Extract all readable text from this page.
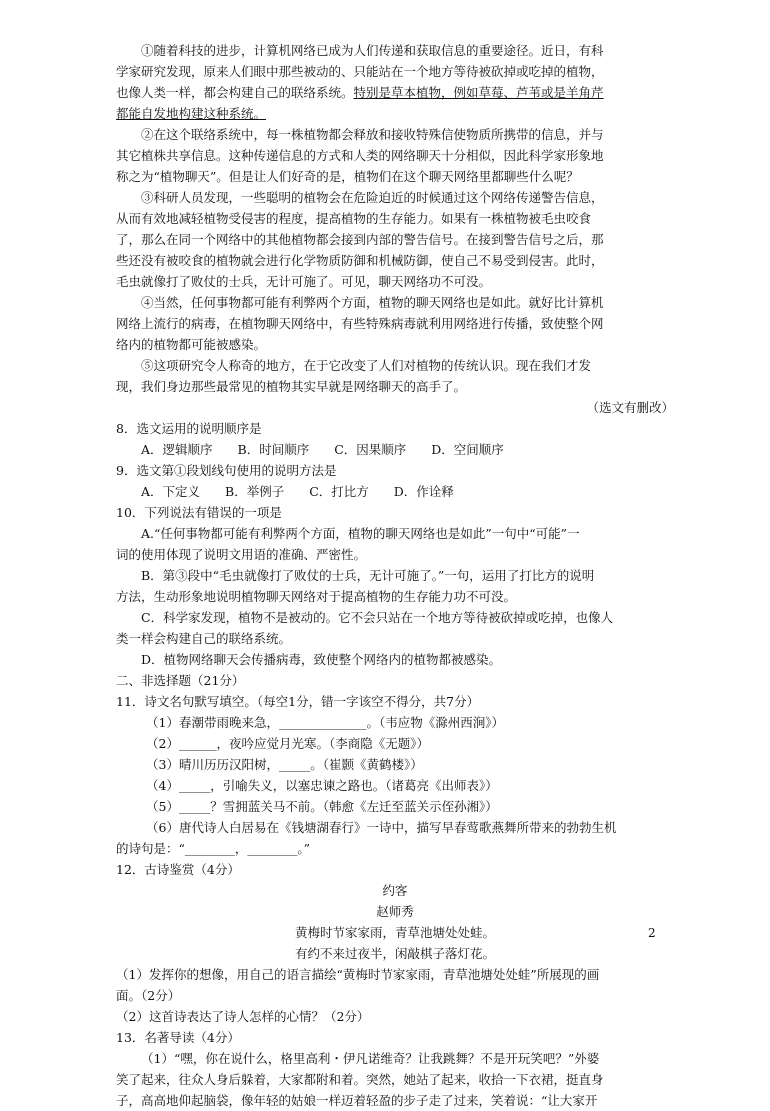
①随着科技的进步，计算机网络已成为人们传递和获取信息的重要途径。近日，有科

学家研究发现，原来人们眼中那些被动的、只能站在一个地方等待被砍掉或吃掉的植物，

也像人类一样，都会构建自己的联络系统。特别是草本植物，例如草莓、芦苇或是羊角芹

都能自发地构建这种系统。

②在这个联络系统中，每一株植物都会释放和接收特殊信使物质所携带的信息，并与

其它植株共享信息。这种传递信息的方式和人类的网络聊天十分相似，因此科学家形象地

称之为“植物聊天”。但是让人们好奇的是，植物们在这个聊天网络里都聊些什么呢？

③科研人员发现，一些聪明的植物会在危险迫近的时候通过这个网络传递警告信息，

从而有效地减轻植物受侵害的程度，提高植物的生存能力。如果有一株植物被毛虫咬食

了，那么在同一个网络中的其他植物都会接到内部的警告信号。在接到警告信号之后，那

些还没有被咬食的植物就会进行化学物质防御和机械防御，使自己不易受到侵害。此时，

毛虫就像打了败仗的士兵，无计可施了。可见，聊天网络功不可没。

④当然，任何事物都可能有利弊两个方面，植物的聊天网络也是如此。就好比计算机

网络上流行的病毒，在植物聊天网络中，有些特殊病毒就利用网络进行传播，致使整个网

络内的植物都可能被感染。

⑤这项研究令人称奇的地方，在于它改变了人们对植物的传统认识。现在我们才发

现，我们身边那些最常见的植物其实早就是网络聊天的高手了。

（选文有删改）

8．选文运用的说明顺序是

A．逻辑顺序　　B．时间顺序　　C．因果顺序　　D．空间顺序

9．选文第①段划线句使用的说明方法是

A．下定义　　B．举例子　　C．打比方　　D．作诠释

10．下列说法有错误的一项是

A.“任何事物都可能有利弊两个方面，植物的聊天网络也是如此”一句中“可能”一

词的使用体现了说明文用语的准确、严密性。

B．第③段中“毛虫就像打了败仗的士兵，无计可施了。”一句，运用了打比方的说明

方法，生动形象地说明植物聊天网络对于提高植物的生存能力功不可没。

C．科学家发现，植物不是被动的。它不会只站在一个地方等待被砍掉或吃掉，也像人

类一样会构建自己的联络系统。

D．植物网络聊天会传播病毒，致使整个网络内的植物都被感染。

二、非选择题（21分）

11．诗文名句默写填空。（每空1分，错一字该空不得分，共7分）

（1）春潮带雨晚来急，______________。（韦应物《滁州西涧》）

（2）______，夜吟应觉月光寒。（李商隐《无题》）

（3）晴川历历汉阳树，_____。（崔颢《黄鹤楼》）

（4）_____，引喻失义，以塞忠谏之路也。（诸葛亮《出师表》）

（5）_____？雪拥蓝关马不前。（韩愈《左迁至蓝关示侄孙湘》）

（6）唐代诗人白居易在《钱塘湖春行》一诗中，描写早春莺歌燕舞所带来的勃勃生机

的诗句是：“________，________。”

12．古诗鉴赏（4分）

约客

赵师秀

黄梅时节家家雨，青草池塘处处蛙。

有约不来过夜半，闲敲棋子落灯花。

（1）发挥你的想像，用自己的语言描绘“黄梅时节家家雨，青草池塘处处蛙”所展现的画

面。（2分）

（2）这首诗表达了诗人怎样的心情？（2分）

13．名著导读（4分）

（1）“嘿，你在说什么，格里高利・伊凡诺维奇？让我跳舞？不是开玩笑吧？”外婆

笑了起来，往众人身后躲着，大家都附和着。突然，她站了起来，收拾一下衣裙，挺直身

子，高高地仰起脑袋，像年轻的姑娘一样迈着轻盈的步子走了过来，笑着说：“让大家开

2
